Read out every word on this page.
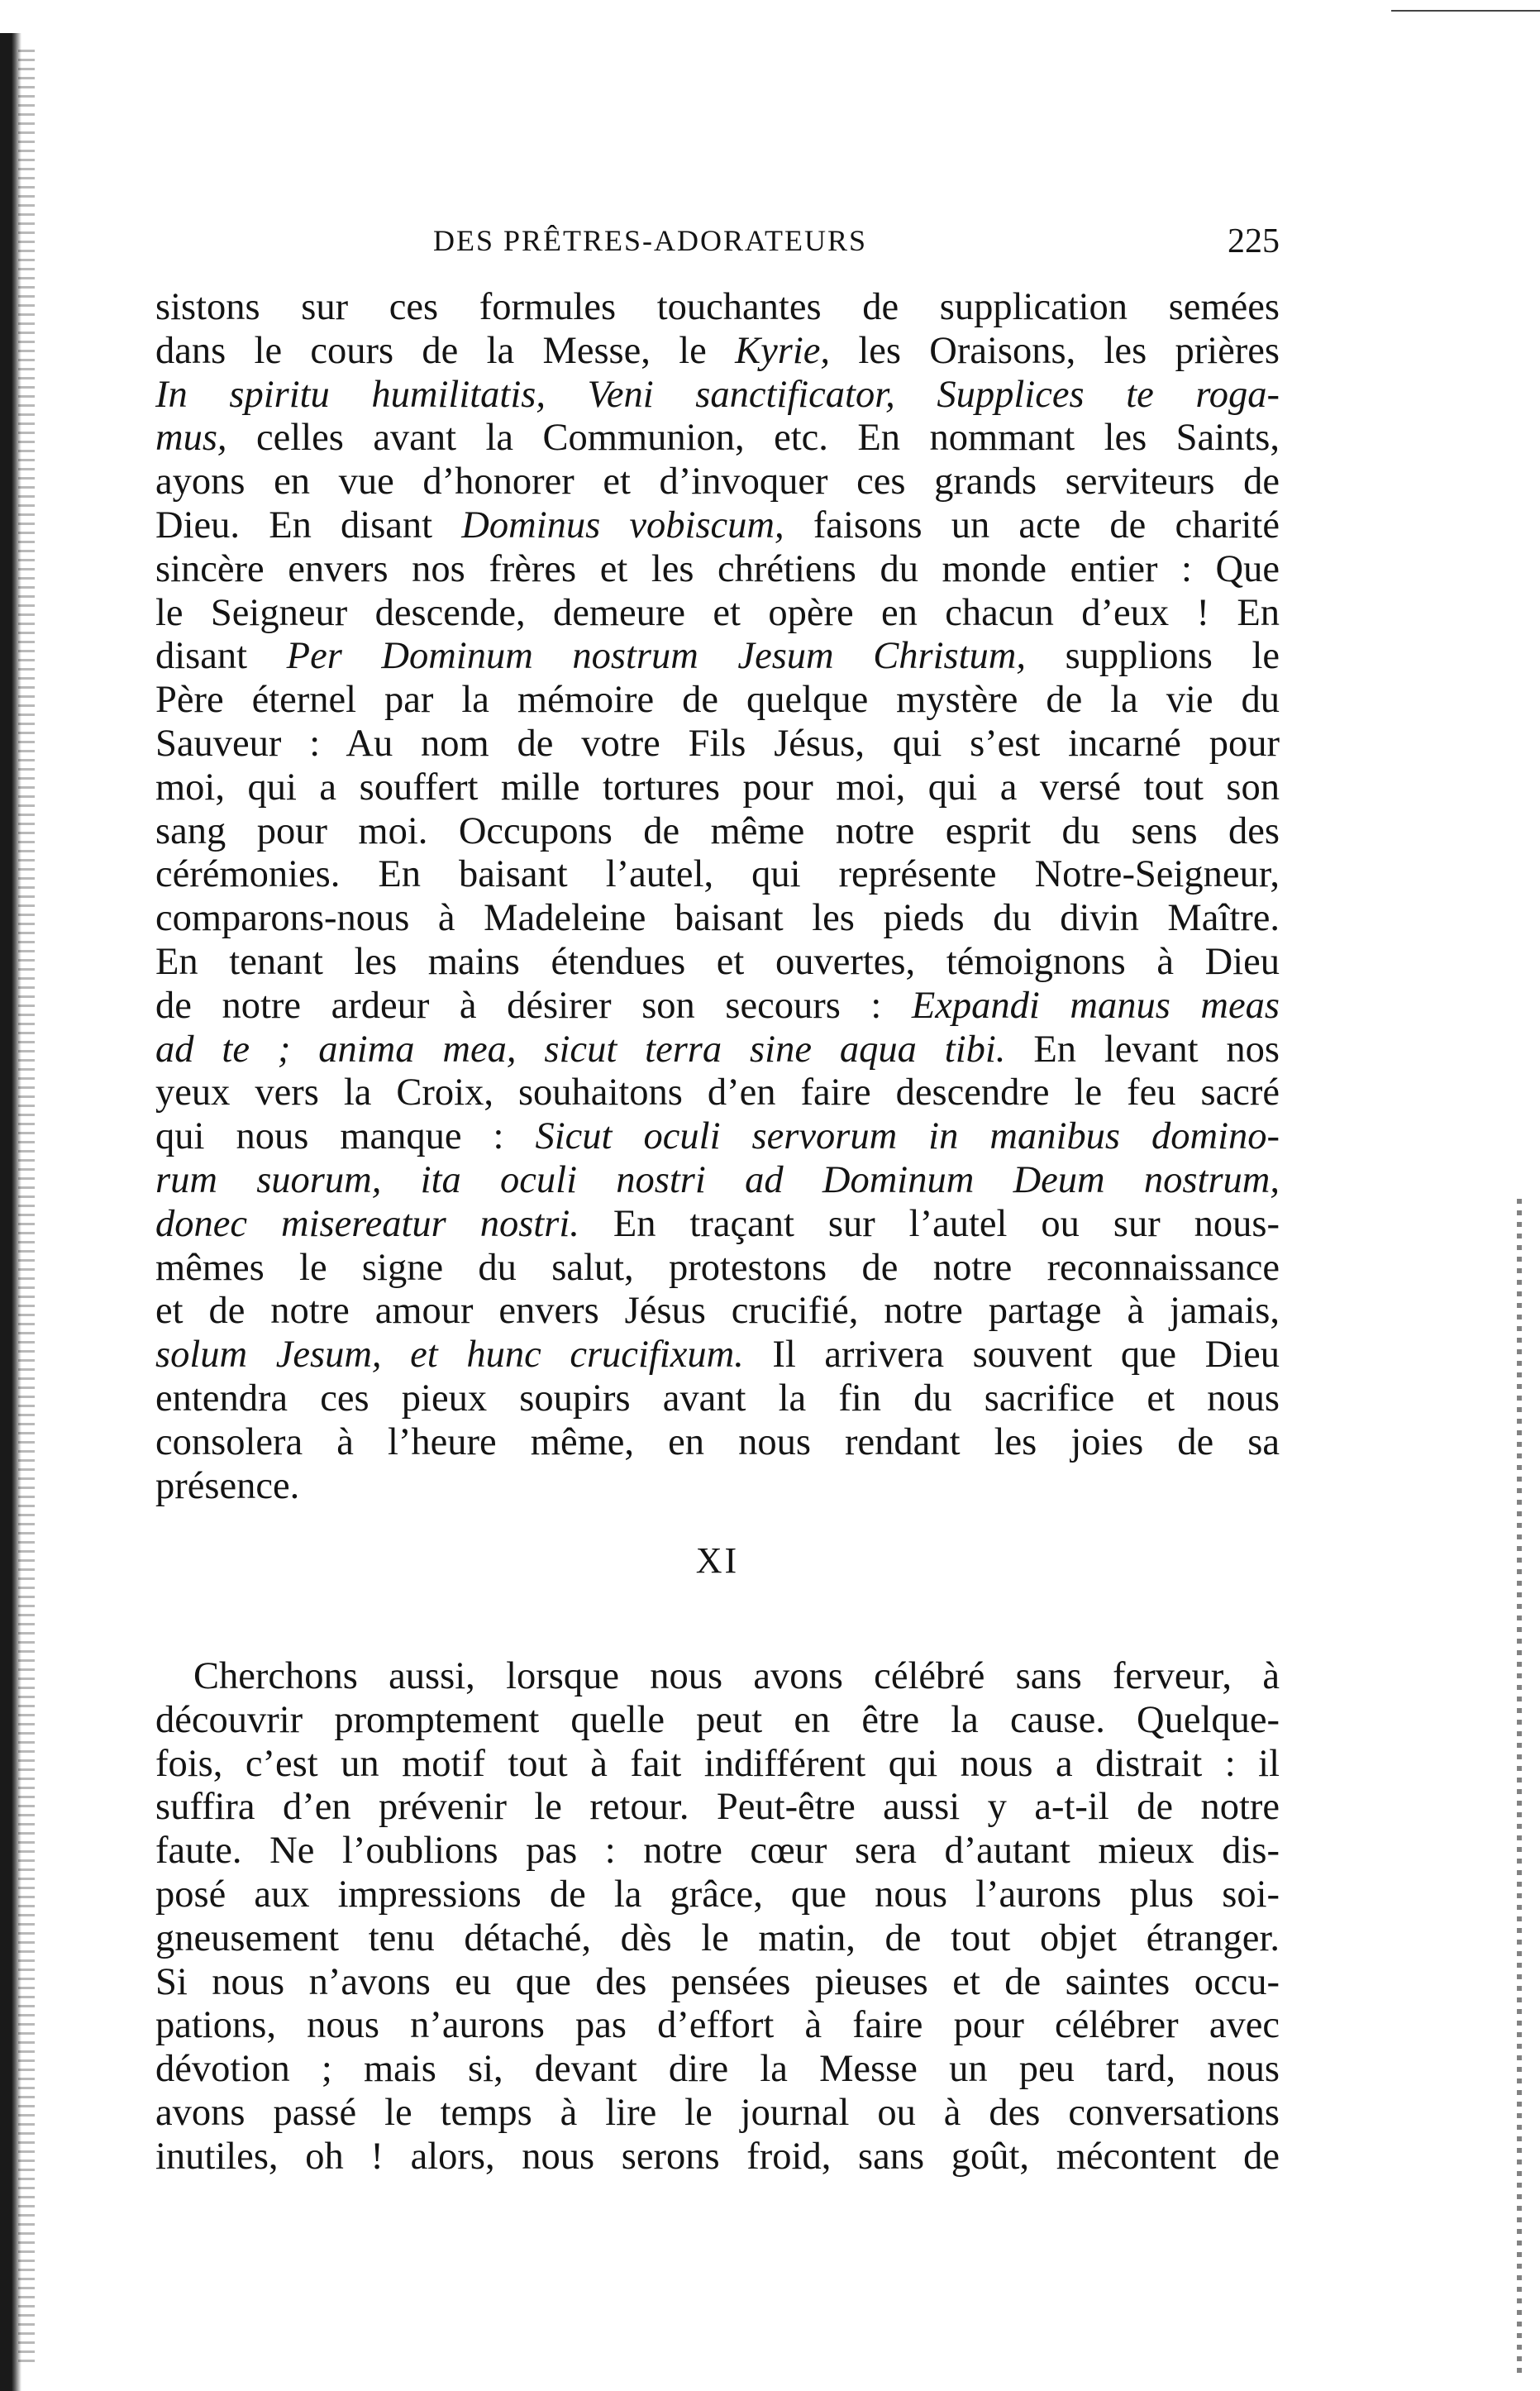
DES PRÊTRES-ADORATEURS	225
sistons sur ces formules touchantes de supplication semées
dans le cours de la Messe, le Kyrie, les Oraisons, les prières
In spiritu humilitatis, Veni sanctificator, Supplices te roga-
mus, celles avant la Communion, etc. En nommant les Saints,
ayons en vue d’honorer et d’invoquer ces grands serviteurs de
Dieu. En disant Dominus vobiscum, faisons un acte de charité
sincère envers nos frères et les chrétiens du monde entier : Que
le Seigneur descende, demeure et opère en chacun d’eux ! En
disant Per Dominum nostrum Jesum Christum, supplions le
Père éternel par la mémoire de quelque mystère de la vie du
Sauveur : Au nom de votre Fils Jésus, qui s’est incarné pour
moi, qui a souffert mille tortures pour moi, qui a versé tout son
sang pour moi. Occupons de même notre esprit du sens des
cérémonies. En baisant l’autel, qui représente Notre-Seigneur,
comparons-nous à Madeleine baisant les pieds du divin Maître.
En tenant les mains étendues et ouvertes, témoignons à Dieu
de notre ardeur à désirer son secours : Expandi manus meas
ad te ; anima mea, sicut terra sine aqua tibi. En levant nos
yeux vers la Croix, souhaitons d’en faire descendre le feu sacré
qui nous manque : Sicut oculi servorum in manibus domino-
rum suorum, ita oculi nostri ad Dominum Deum nostrum,
donec misereatur nostri. En traçant sur l’autel ou sur nous-
mêmes le signe du salut, protestons de notre reconnaissance
et de notre amour envers Jésus crucifié, notre partage à jamais,
solum Jesum, et hunc crucifixum. Il arrivera souvent que Dieu
entendra ces pieux soupirs avant la fin du sacrifice et nous
consolera à l’heure même, en nous rendant les joies de sa
présence.
XI
Cherchons aussi, lorsque nous avons célébré sans ferveur, à
découvrir promptement quelle peut en être la cause. Quelque-
fois, c’est un motif tout à fait indifférent qui nous a distrait : il
suffira d’en prévenir le retour. Peut-être aussi y a-t-il de notre
faute. Ne l’oublions pas : notre cœur sera d’autant mieux dis-
posé aux impressions de la grâce, que nous l’aurons plus soi-
gneusement tenu détaché, dès le matin, de tout objet étranger.
Si nous n’avons eu que des pensées pieuses et de saintes occu-
pations, nous n’aurons pas d’effort à faire pour célébrer avec
dévotion ; mais si, devant dire la Messe un peu tard, nous
avons passé le temps à lire le journal ou à des conversations
inutiles, oh ! alors, nous serons froid, sans goût, mécontent de
